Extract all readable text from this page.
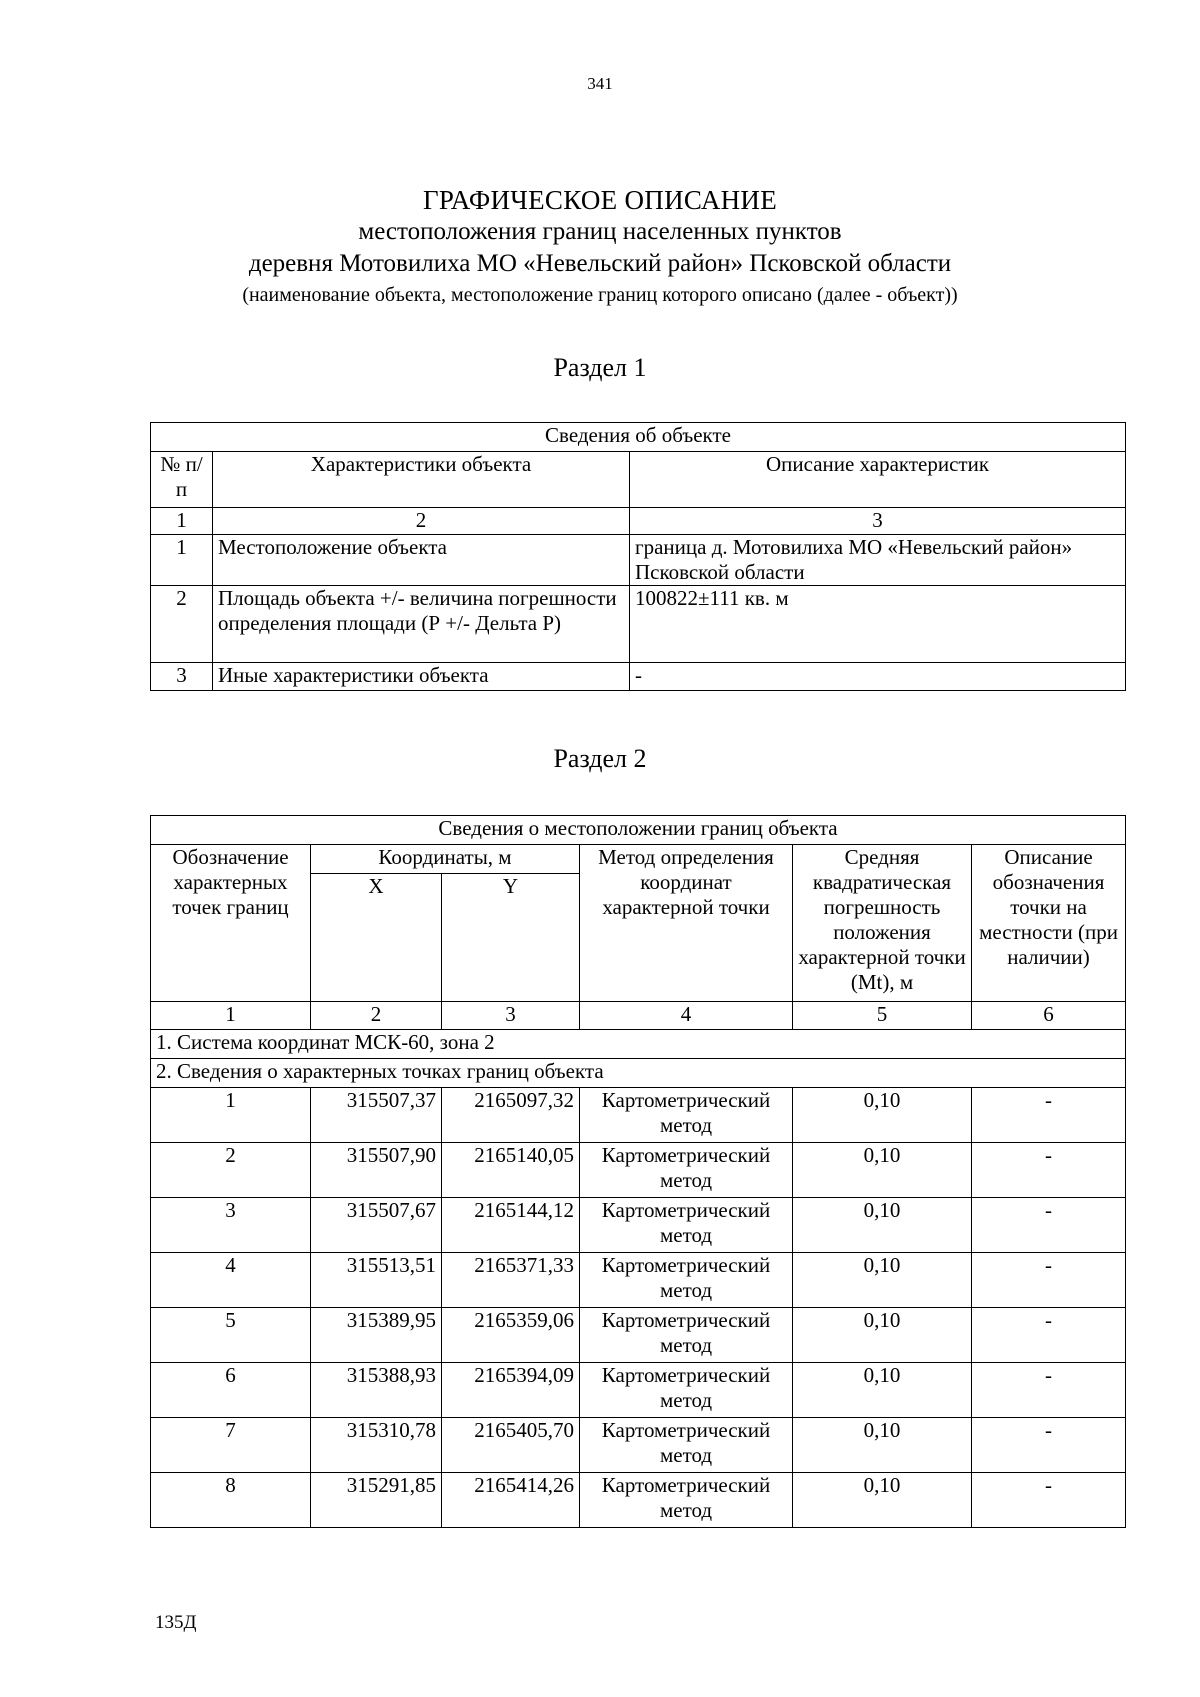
341
ГРАФИЧЕСКОЕ ОПИСАНИЕ
местоположения границ населенных пунктов
деревня Мотовилиха МО «Невельский район» Псковской области
(наименование объекта, местоположение границ которого описано (далее - объект))
Раздел 1
Сведения об объекте		
№ п/п	Характеристики объекта	Описание характеристик
1	2	3
1	Местоположение объекта	граница д. Мотовилиха МО «Невельский район» Псковской области
2	Площадь объекта +/- величина погрешности определения площади (Р +/- Дельта Р)	100822±111 кв. м
3	Иные характеристики объекта	-
Раздел 2
Сведения о местоположении границ объекта					
Обозначение характерных точек границ	Координаты, м		Метод определения координат характерной точки	Средняя квадратическая погрешность положения характерной точки (Mt), м	Описание обозначения точки на местности (при наличии)
	X	Y			
1	2	3	4	5	6
1. Система координат МСК-60, зона 2					
2. Сведения о характерных точках границ объекта					
1	315507,37	2165097,32	Картометрический метод	0,10	-
2	315507,90	2165140,05	Картометрический метод	0,10	-
3	315507,67	2165144,12	Картометрический метод	0,10	-
4	315513,51	2165371,33	Картометрический метод	0,10	-
5	315389,95	2165359,06	Картометрический метод	0,10	-
6	315388,93	2165394,09	Картометрический метод	0,10	-
7	315310,78	2165405,70	Картометрический метод	0,10	-
8	315291,85	2165414,26	Картометрический метод	0,10	-
135Д
